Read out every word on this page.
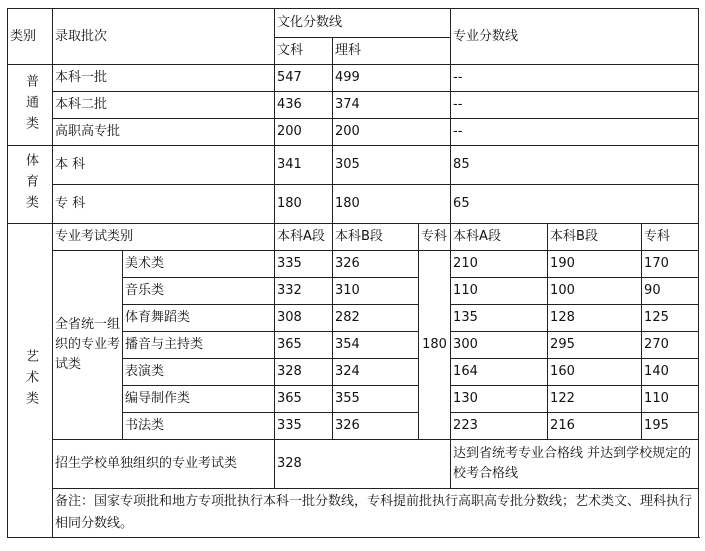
类别	录取批次		文化分数线			专业分数线		
			文科	理科				
普通类	本科一批		547	499		--		
	本科二批		436	374		--		
	高职高专批		200	200		--		
体育类	本 科		341	305		85		
	专 科		180	180		65		
艺术类	专业考试类别		本科A段	本科B段	专科	本科A段	本科B段	专科
	全省统一组织的专业考试类	美术类	335	326	180	210	190	170
		音乐类	332	310		110	100	90
		体育舞蹈类	308	282		135	128	125
		播音与主持类	365	354		300	295	270
		表演类	328	324		164	160	140
		编导制作类	365	355		130	122	110
		书法类	335	326		223	216	195
	招生学校单独组织的专业考试类		328			达到省统考专业合格线 并达到学校规定的校考合格线		
	备注：国家专项批和地方专项批执行本科一批分数线，专科提前批执行高职高专批分数线；艺术类文、理科执行相同分数线。							
